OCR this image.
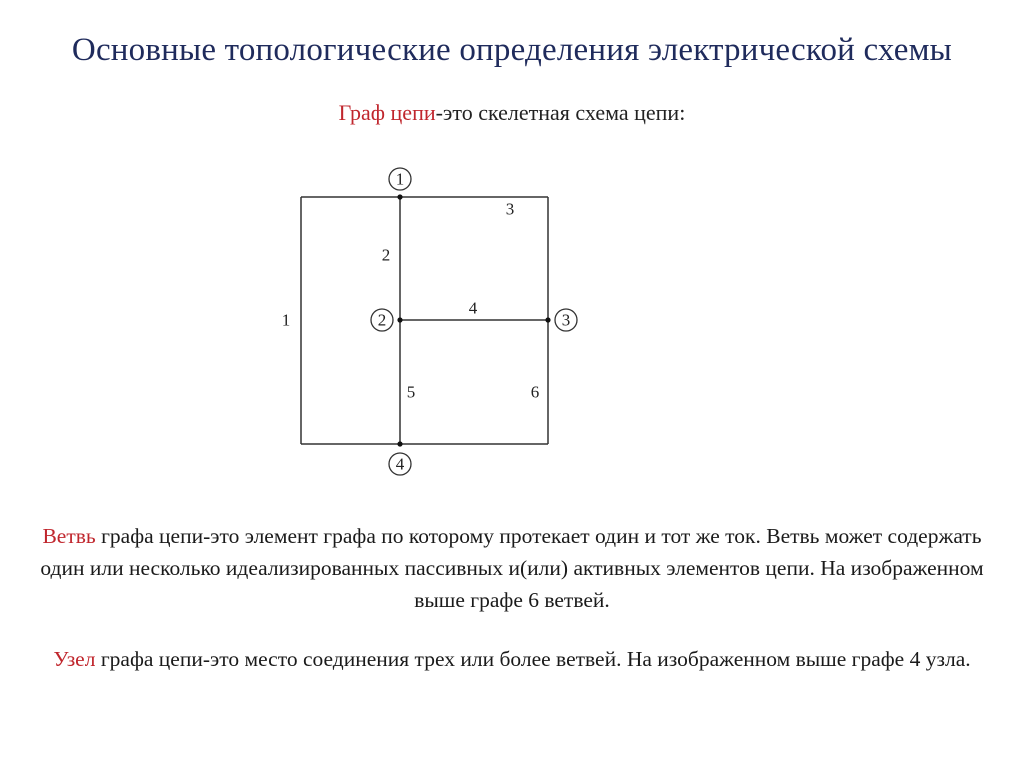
Основные топологические определения электрической схемы
Граф цепи-это скелетная схема цепи:
1
2	3
4
1
2
3
4
5	6
Ветвь графа цепи-это элемент графа по которому протекает один и тот же ток. Ветвь может содержать один или несколько идеализированных пассивных и(или) активных элементов цепи. На изображенном выше графе 6 ветвей.
Узел графа цепи-это место соединения трех или более ветвей. На изображенном выше графе 4 узла.
